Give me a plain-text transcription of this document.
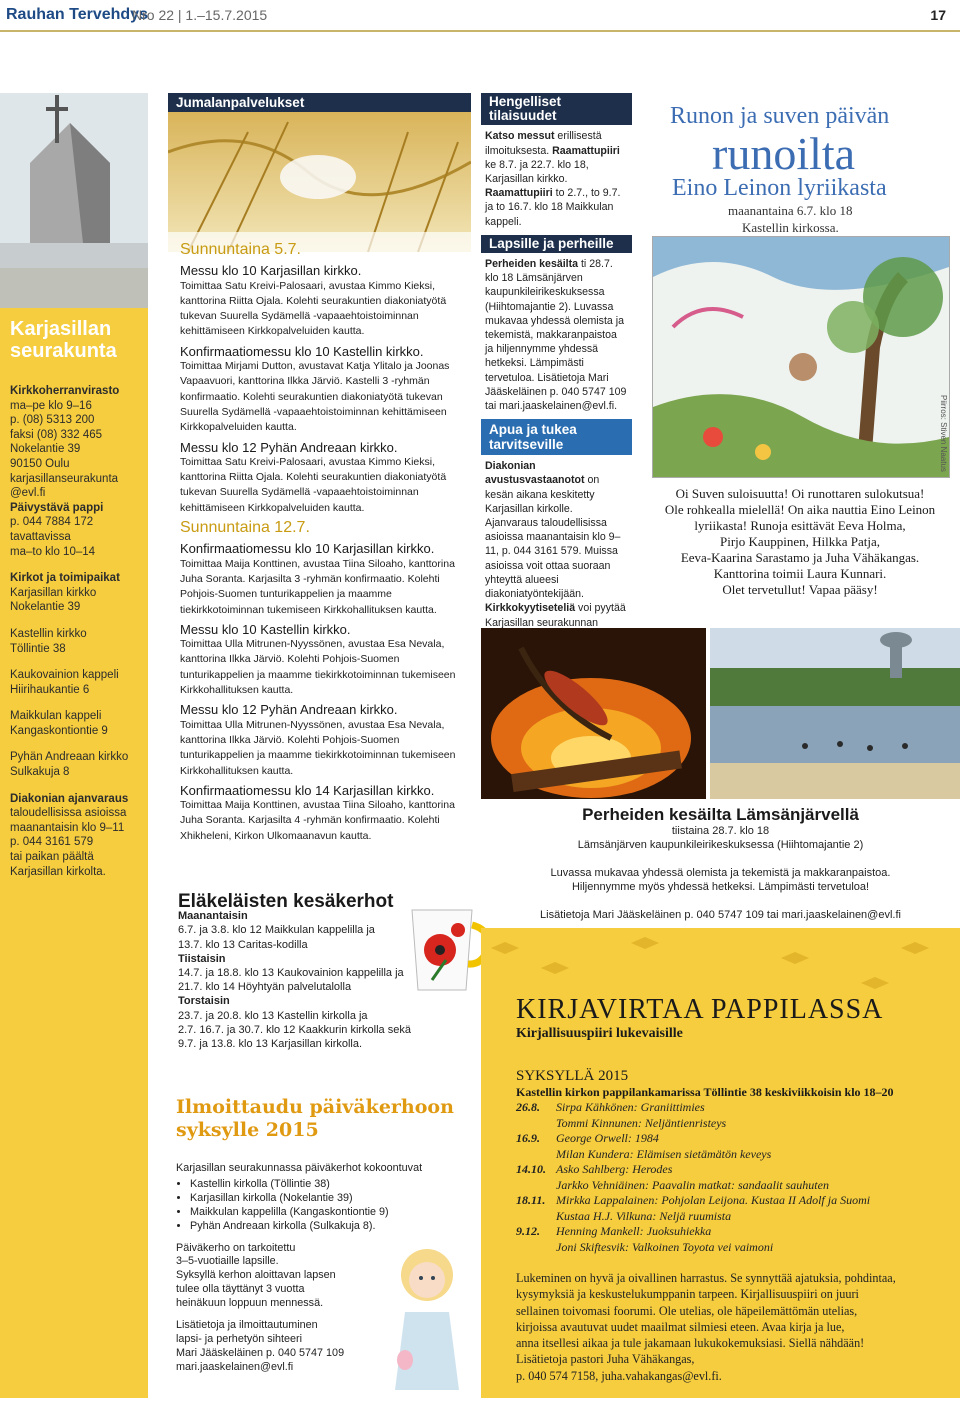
Rauhan Tervehdys
Nro 22 | 1.–15.7.2015	17
Karjasillan seurakunta
Kirkkoherranvirasto
ma–pe klo 9–16
p. (08) 5313 200
faksi (08) 332 465
Nokelantie 39
90150 Oulu
karjasillanseurakunta
@evl.fi
Päivystävä pappi
p. 044 7884 172
tavattavissa
ma–to klo 10–14
Kirkot ja toimipaikat
Karjasillan kirkko
Nokelantie 39
Kastellin kirkko
Töllintie 38
Kaukovainion kappeli
Hiirihaukantie 6
Maikkulan kappeli
Kangaskontiontie 9
Pyhän Andreaan kirkko
Sulkakuja 8
Diakonian ajanvaraus
taloudellisissa asioissa
maanantaisin klo 9–11
p. 044 3161 579
tai paikan päältä
Karjasillan kirkolta.
Jumalanpalvelukset
Sunnuntaina 5.7.
Messu klo 10 Karjasillan kirkko.

Toimittaa Satu Kreivi-Palosaari, avustaa Kimmo Kieksi, kanttorina Riitta Ojala. Kolehti seurakuntien diakoniatyötä tukevan Suurella Sydämellä -vapaaehtoistoiminnan kehittämiseen Kirkkopalveluiden kautta.

Konfirmaatiomessu klo 10 Kastellin kirkko.

Toimittaa Mirjami Dutton, avustavat Katja Ylitalo ja Joonas Vapaavuori, kanttorina Ilkka Järviö. Kastelli 3 -ryhmän konfirmaatio. Kolehti seurakuntien diakoniatyötä tukevan Suurella Sydämellä -vapaaehtoistoiminnan kehittämiseen Kirkkopalveluiden kautta.

Messu klo 12 Pyhän Andreaan kirkko.

Toimittaa Satu Kreivi-Palosaari, avustaa Kimmo Kieksi, kanttorina Riitta Ojala. Kolehti seurakuntien diakoniatyötä tukevan Suurella Sydämellä -vapaaehtoistoiminnan kehittämiseen Kirkkopalveluiden kautta.

Sunnuntaina 12.7.
Konfirmaatiomessu klo 10 Karjasillan kirkko.

Toimittaa Maija Konttinen, avustaa Tiina Siloaho, kanttorina Juha Soranta. Karjasilta 3 -ryhmän konfirmaatio. Kolehti Pohjois-Suomen tunturikappelien ja maamme tiekirkkotoiminnan tukemiseen Kirkkohallituksen kautta.

Messu klo 10 Kastellin kirkko.

Toimittaa Ulla Mitrunen-Nyyssönen, avustaa Esa Nevala, kanttorina Ilkka Järviö. Kolehti Pohjois-Suomen tunturikappelien ja maamme tiekirkkotoiminnan tukemiseen Kirkkohallituksen kautta.

Messu klo 12 Pyhän Andreaan kirkko.

Toimittaa Ulla Mitrunen-Nyyssönen, avustaa Esa Nevala, kanttorina Ilkka Järviö. Kolehti Pohjois-Suomen tunturikappelien ja maamme tiekirkkotoiminnan tukemiseen Kirkkohallituksen kautta.

Konfirmaatiomessu klo 14 Karjasillan kirkko.

Toimittaa Maija Konttinen, avustaa Tiina Siloaho, kanttorina Juha Soranta. Karjasilta 4 -ryhmän konfirmaatio. Kolehti Xhikheleni, Kirkon Ulkomaanavun kautta.

Hengelliset tilaisuudet

Katso messut erillisestä ilmoituksesta. Raamattupiiri ke 8.7. ja 22.7. klo 18, Karjasillan kirkko. Raamattupiiri to 2.7., to 9.7. ja to 16.7. klo 18 Maikkulan kappeli.

Lapsille ja perheille

Perheiden kesäilta ti 28.7. klo 18 Lämsänjärven kaupunkileirikeskuksessa (Hiihtomajantie 2). Luvassa mukavaa yhdessä olemista ja tekemistä, makkaranpaistoa ja hiljennymme yhdessä hetkeksi. Lämpimästi tervetuloa. Lisätietoja Mari Jääskeläinen p. 040 5747 109 tai mari.jaaskelainen@evl.fi.

Apua ja tukea tarvitseville

Diakonian avustusvastaanotot on kesän aikana keskitetty Karjasillan kirkolle. Ajanvaraus taloudellisissa asioissa maanantaisin klo 9–11, p. 044 3161 579. Muissa asioissa voit ottaa suoraan yhteyttä alueesi diakoniatyöntekijään. Kirkkokyytiseteliä voi pyytää Karjasillan seurakunnan

Runon ja suven päivän
runoilta
Eino Leinon lyriikasta
maanantaina 6.7. klo 18
Kastellin kirkossa.
Piirros: Stiven Naatus
Oi Suven suloisuutta! Oi runottaren sulokutsua!
Ole rohkealla mielellä! On aika nauttia Eino Leinon
lyriikasta! Runoja esittävät Eeva Holma,
Pirjo Kauppinen, Hilkka Patja,
Eeva-Kaarina Sarastamo ja Juha Vähäkangas.
Kanttorina toimii Laura Kunnari.
Olet tervetullut! Vapaa pääsy!
Perheiden kesäilta Lämsänjärvellä

tiistaina 28.7. klo 18

Lämsänjärven kaupunkileirikeskuksessa (Hiihtomajantie 2)

Luvassa mukavaa yhdessä olemista ja tekemistä ja makkaranpaistoa.

Hiljennymme myös yhdessä hetkeksi. Lämpimästi tervetuloa!

Lisätietoja Mari Jääskeläinen p. 040 5747 109 tai mari.jaaskelainen@evl.fi

Eläkeläisten kesäkerhot
Maanantaisin
6.7. ja 3.8. klo 12 Maikkulan kappelilla ja
13.7. klo 13 Caritas-kodilla
Tiistaisin
14.7. ja 18.8. klo 13 Kaukovainion kappelilla ja
21.7. klo 14 Höyhtyän palvelutalolla
Torstaisin
23.7. ja 20.8. klo 13 Kastellin kirkolla ja
2.7. 16.7. ja 30.7. klo 12 Kaakkurin kirkolla sekä
9.7. ja 13.8. klo 13 Karjasillan kirkolla.
KIRJAVIRTAA PAPPILASSA
Kirjallisuuspiiri lukevaisille
SYKSYLLÄ 2015
Kastellin kirkon pappilankamarissa Töllintie 38 keskiviikkoisin klo 18–20
26.8.	Sirpa Kähkönen: Graniittimies
Tommi Kinnunen: Neljäntienristeys
16.9.	George Orwell: 1984
Milan Kundera: Elämisen sietämätön keveys
14.10. Asko Sahlberg: Herodes
Jarkko Vehniäinen: Paavalin matkat: sandaalit sauhuten
18.11. Mirkka Lappalainen: Pohjolan Leijona. Kustaa II Adolf ja Suomi
Kustaa H.J. Vilkuna: Neljä ruumista
9.12.	Henning Mankell: Juoksuhiekka
Joni Skiftesvik: Valkoinen Toyota vei vaimoni
Lukeminen on hyvä ja oivallinen harrastus. Se synnyttää ajatuksia, pohdintaa,
kysymyksiä ja keskustelukumppanin tarpeen. Kirjallisuuspiiri on juuri
sellainen toivomasi foorumi. Ole utelias, ole häpeilemättömän utelias,
kirjoissa avautuvat uudet maailmat silmiesi eteen. Avaa kirja ja lue,
anna itsellesi aikaa ja tule jakamaan lukukokemuksiasi. Siellä nähdään!
Lisätietoja pastori Juha Vähäkangas,
p. 040 574 7158, juha.vahakangas@evl.fi.
Ilmoittaudu päiväkerhoon
syksylle 2015
Karjasillan seurakunnassa päiväkerhot kokoontuvat
• Kastellin kirkolla (Töllintie 38)
• Karjasillan kirkolla (Nokelantie 39)
• Maikkulan kappelilla (Kangaskontiontie 9)
• Pyhän Andreaan kirkolla (Sulkakuja 8).

Päiväkerho on tarkoitettu
3–5-vuotiaille lapsille.
Syksyllä kerhon aloittavan lapsen
tulee olla täyttänyt 3 vuotta
heinäkuun loppuun mennessä.

Lisätietoja ja ilmoittautuminen
lapsi- ja perhetyön sihteeri
Mari Jääskeläinen p. 040 5747 109
mari.jaaskelainen@evl.fi
